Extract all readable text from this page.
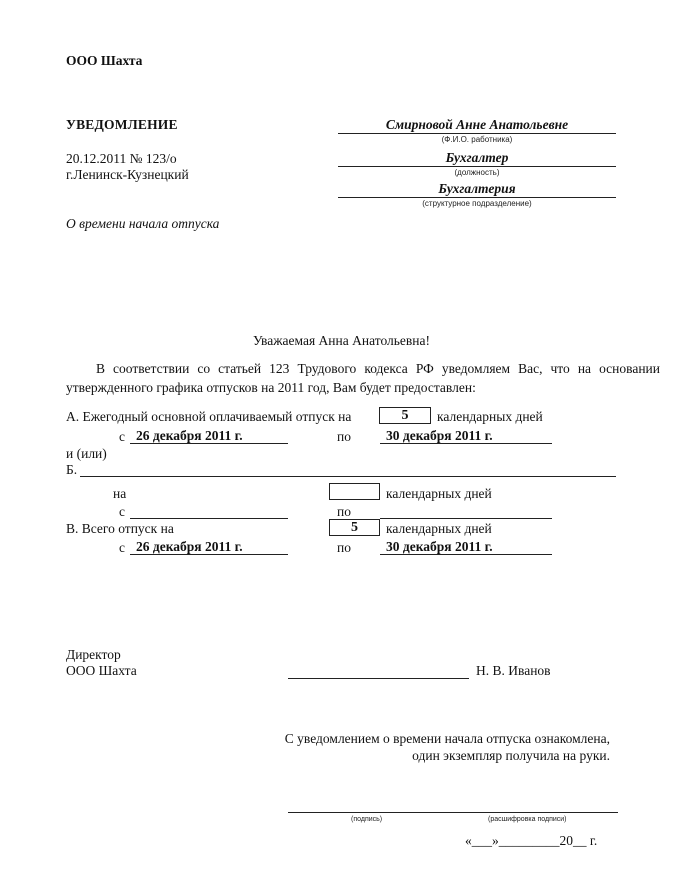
ООО Шахта
УВЕДОМЛЕНИЕ
20.12.2011 № 123/о
г.Ленинск-Кузнецкий
О времени начала отпуска
Смирновой Анне Анатольевне
(Ф.И.О. работника)
Бухгалтер
(должность)
Бухгалтерия
(структурное подразделение)
Уважаемая Анна Анатольевна!
В соответствии со статьей 123 Трудового кодекса РФ уведомляем Вас, что на основании утвержденного графика отпусков на 2011 год, Вам будет предоставлен:
А. Ежегодный основной оплачиваемый отпуск на	5	календарных дней
с 26 декабря 2011 г.	по	30 декабря 2011 г.
и (или)
Б.
на	календарных дней
с	по
В. Всего отпуск на	5	календарных дней
с 26 декабря 2011 г.	по	30 декабря 2011 г.
Директор
ООО Шахта	Н. В. Иванов
С уведомлением о времени начала отпуска ознакомлена,
один экземпляр получила на руки.
(подпись)	(расшифровка подписи)
«___»_________20__ г.
